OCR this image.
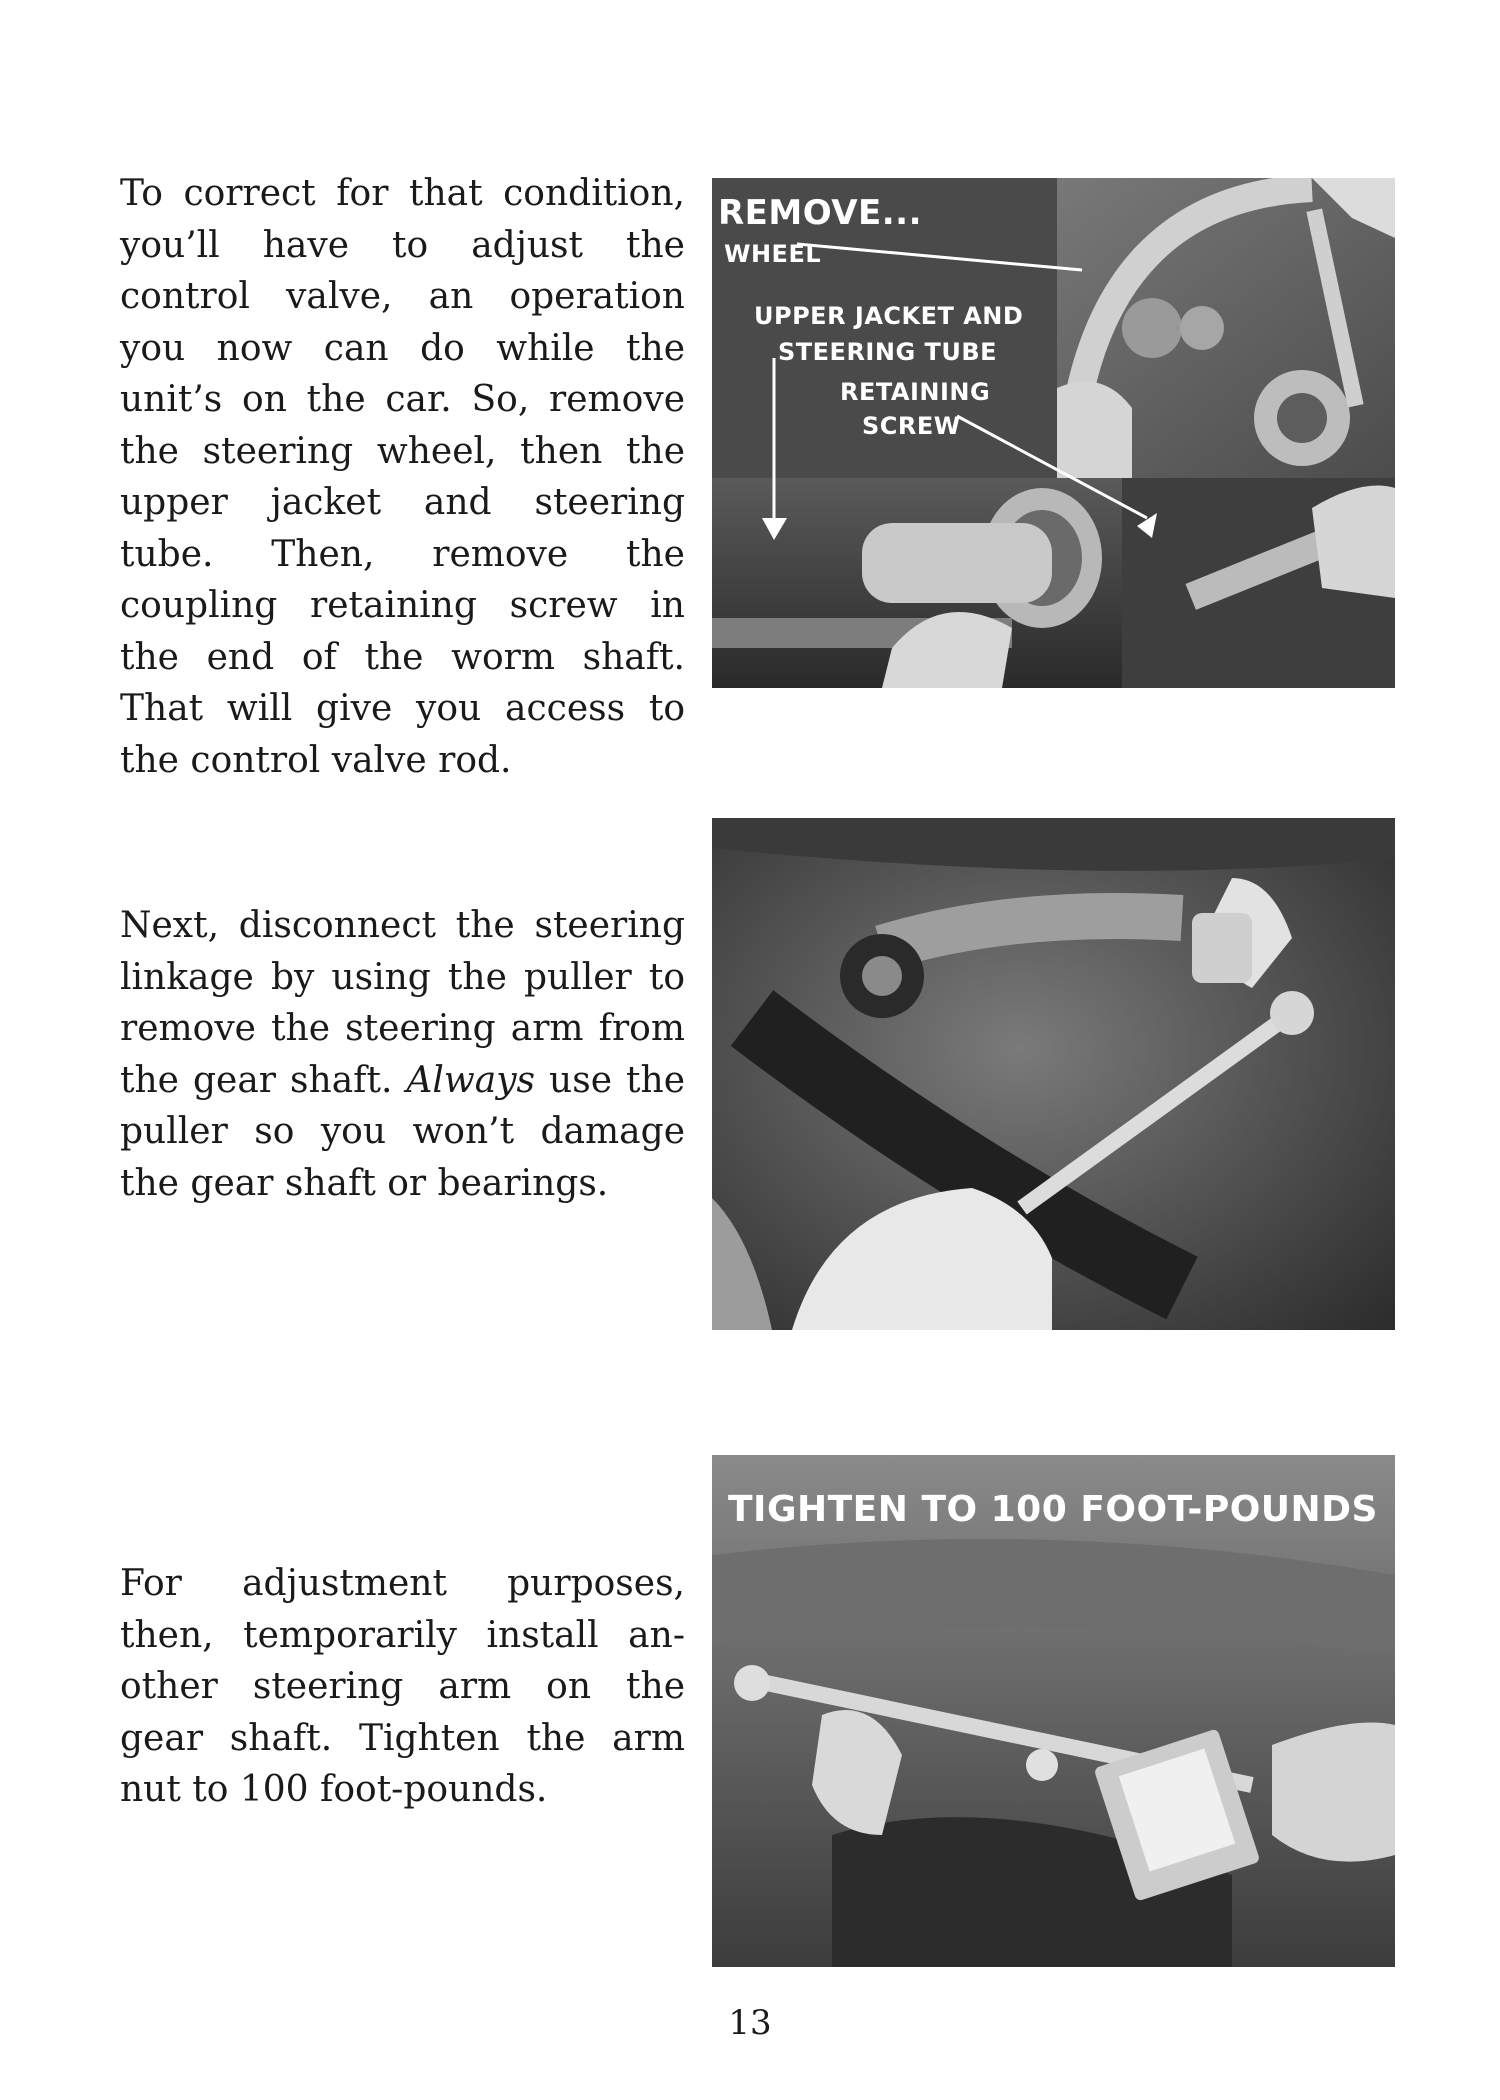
To correct for that condition, you’ll have to adjust the control valve, an operation you now can do while the unit’s on the car. So, remove the steering wheel, then the upper jacket and steering tube. Then, remove the coupling retaining screw in the end of the worm shaft. That will give you access to the control valve rod.
Next, disconnect the steering linkage by using the puller to remove the steering arm from the gear shaft. Always use the puller so you won’t damage the gear shaft or bearings.
For adjustment purposes, then, temporarily install another steering arm on the gear shaft. Tighten the arm nut to 100 foot-pounds.
REMOVE...
WHEEL
UPPER JACKET AND
STEERING TUBE
RETAINING
SCREW
TIGHTEN TO 100 FOOT-POUNDS
13
